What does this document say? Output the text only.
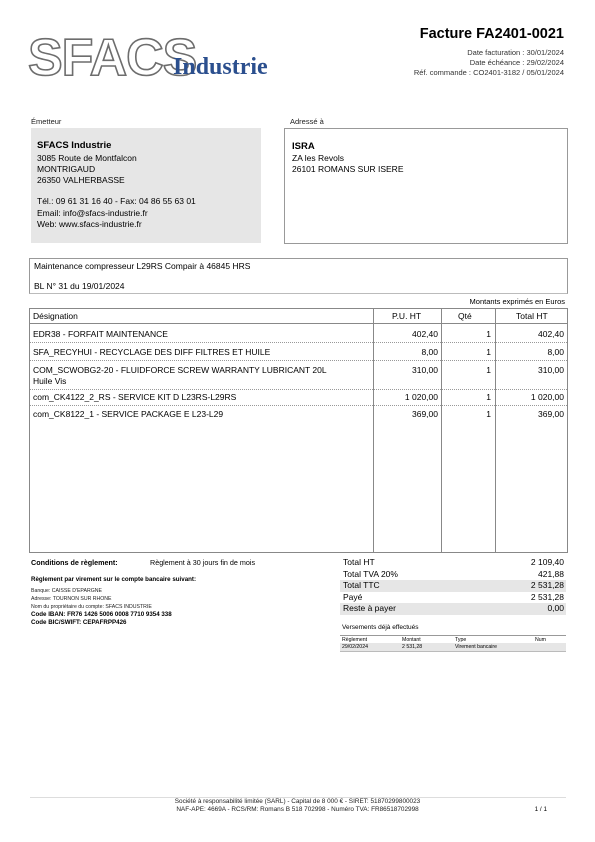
SFACS
Industrie
Facture FA2401-0021
Date facturation : 30/01/2024
Date échéance : 29/02/2024
Réf. commande : CO2401-3182 / 05/01/2024
Émetteur
SFACS Industrie
3085 Route de Montfalcon
MONTRIGAUD
26350 VALHERBASSE
Tél.: 09 61 31 16 40 - Fax: 04 86 55 63 01
Email: info@sfacs-industrie.fr
Web: www.sfacs-industrie.fr
Adressé à
ISRA
ZA les Revols
26101 ROMANS SUR ISERE
Maintenance compresseur L29RS Compair à 46845 HRS
BL N° 31 du 19/01/2024
Montants exprimés en Euros
Désignation	P.U. HT	Qté	Total HT
EDR38 - FORFAIT MAINTENANCE	402,40	1	402,40
SFA_RECYHUI - RECYCLAGE DES DIFF FILTRES ET HUILE	8,00	1	8,00
COM_SCWOBG2-20 - FLUIDFORCE SCREW WARRANTY LUBRICANT 20L
Huile Vis
310,00	1	310,00
com_CK4122_2_RS - SERVICE KIT D L23RS-L29RS	1 020,00	1	1 020,00
com_CK8122_1 - SERVICE PACKAGE E L23-L29	369,00	1	369,00
Conditions de règlement:	Règlement à 30 jours fin de mois
Règlement par virement sur le compte bancaire suivant:
Banque: CAISSE D'EPARGNE
Adresse: TOURNON SUR RHONE
Nom du propriétaire du compte: SFACS INDUSTRIE
Code IBAN: FR76 1426 5006 0008 7710 9354 338
Code BIC/SWIFT: CEPAFRPP426
Total HT	2 109,40
Total TVA 20%	421,88
Total TTC	2 531,28
Payé	2 531,28
Reste à payer	0,00
Versements déjà effectués
Règlement	Montant	Type	Num
29/02/2024	2 531,28	Virement bancaire
Société à responsabilité limitée (SARL) - Capital de 8 000 € - SIRET: 51870299800023
NAF-APE: 4669A - RCS/RM: Romans B 518 702998 - Numéro TVA: FR86518702998	1 / 1
